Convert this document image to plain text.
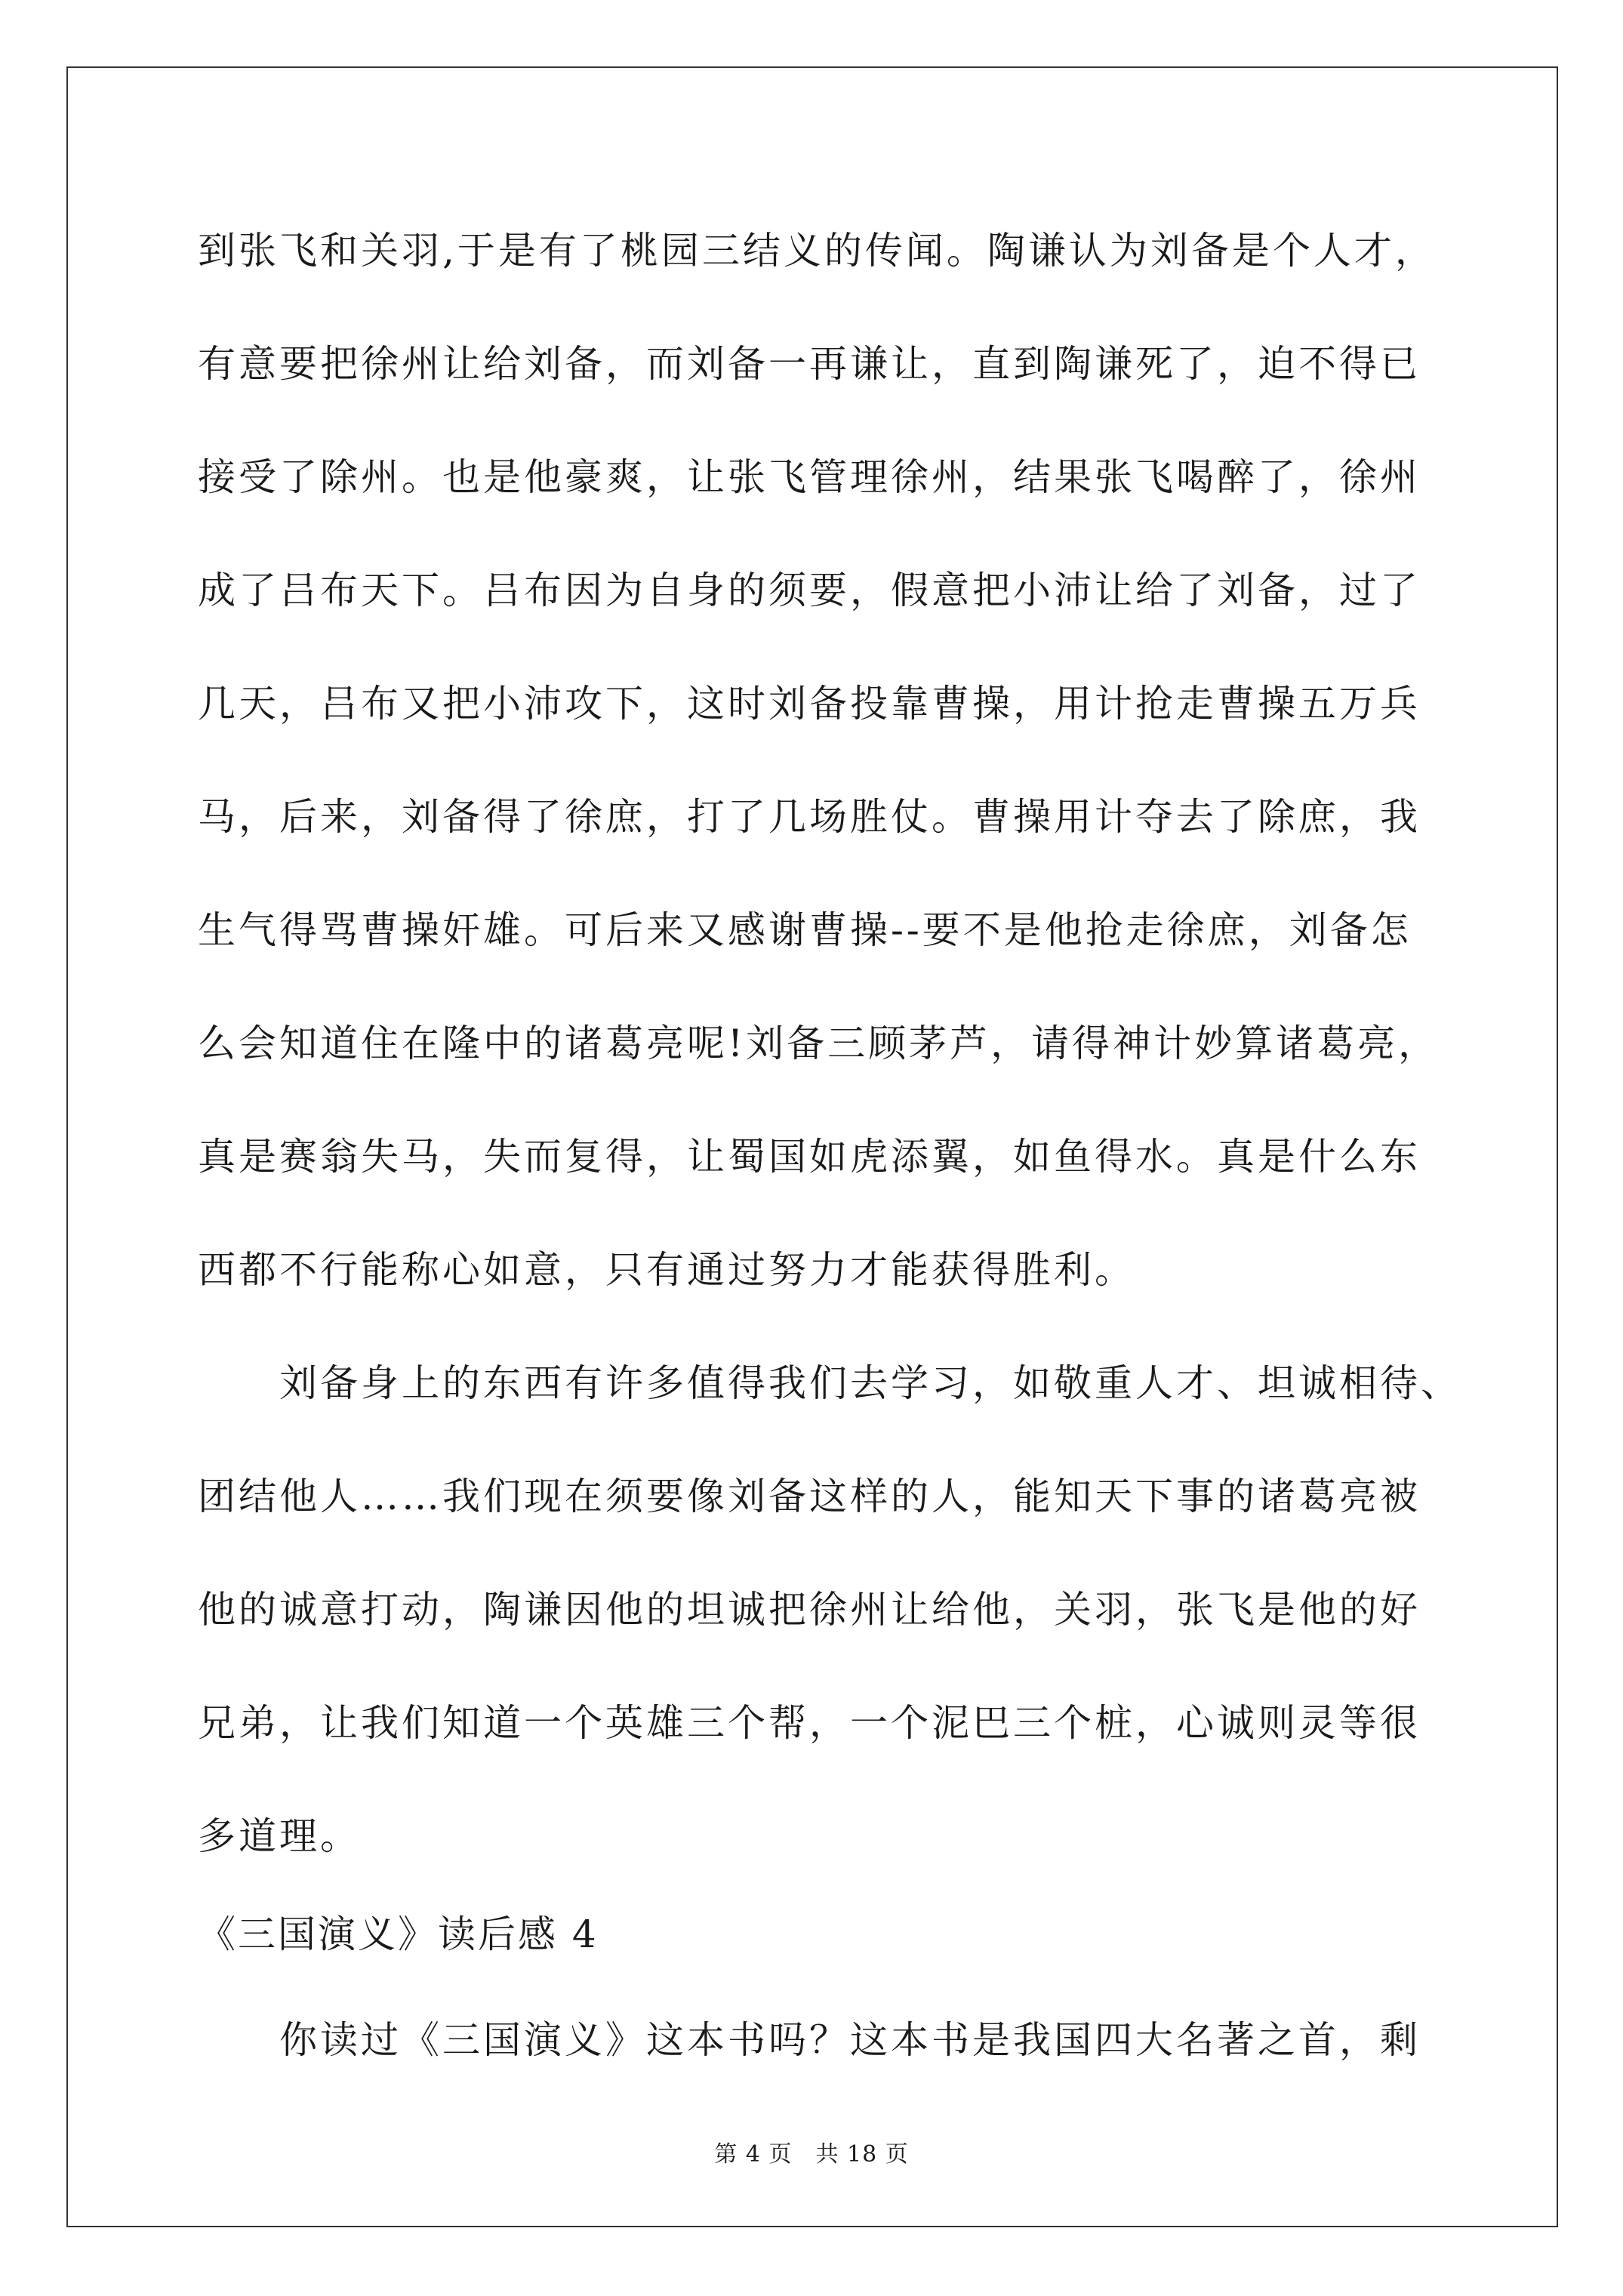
到张飞和关羽,于是有了桃园三结义的传闻。陶谦认为刘备是个人才，
有意要把徐州让给刘备，而刘备一再谦让，直到陶谦死了，迫不得已
接受了除州。也是他豪爽，让张飞管理徐州，结果张飞喝醉了，徐州
成了吕布天下。吕布因为自身的须要，假意把小沛让给了刘备，过了
几天，吕布又把小沛攻下，这时刘备投靠曹操，用计抢走曹操五万兵
马，后来，刘备得了徐庶，打了几场胜仗。曹操用计夺去了除庶，我
生气得骂曹操奸雄。可后来又感谢曹操--要不是他抢走徐庶，刘备怎
么会知道住在隆中的诸葛亮呢!刘备三顾茅芦，请得神计妙算诸葛亮，
真是赛翁失马，失而复得，让蜀国如虎添翼，如鱼得水。真是什么东
西都不行能称心如意，只有通过努力才能获得胜利。
刘备身上的东西有许多值得我们去学习，如敬重人才、坦诚相待、
团结他人……我们现在须要像刘备这样的人，能知天下事的诸葛亮被
他的诚意打动，陶谦因他的坦诚把徐州让给他，关羽，张飞是他的好
兄弟，让我们知道一个英雄三个帮，一个泥巴三个桩，心诚则灵等很
多道理。
《三国演义》读后感 4
你读过《三国演义》这本书吗？这本书是我国四大名著之首，剩
第 4 页　共 18 页
